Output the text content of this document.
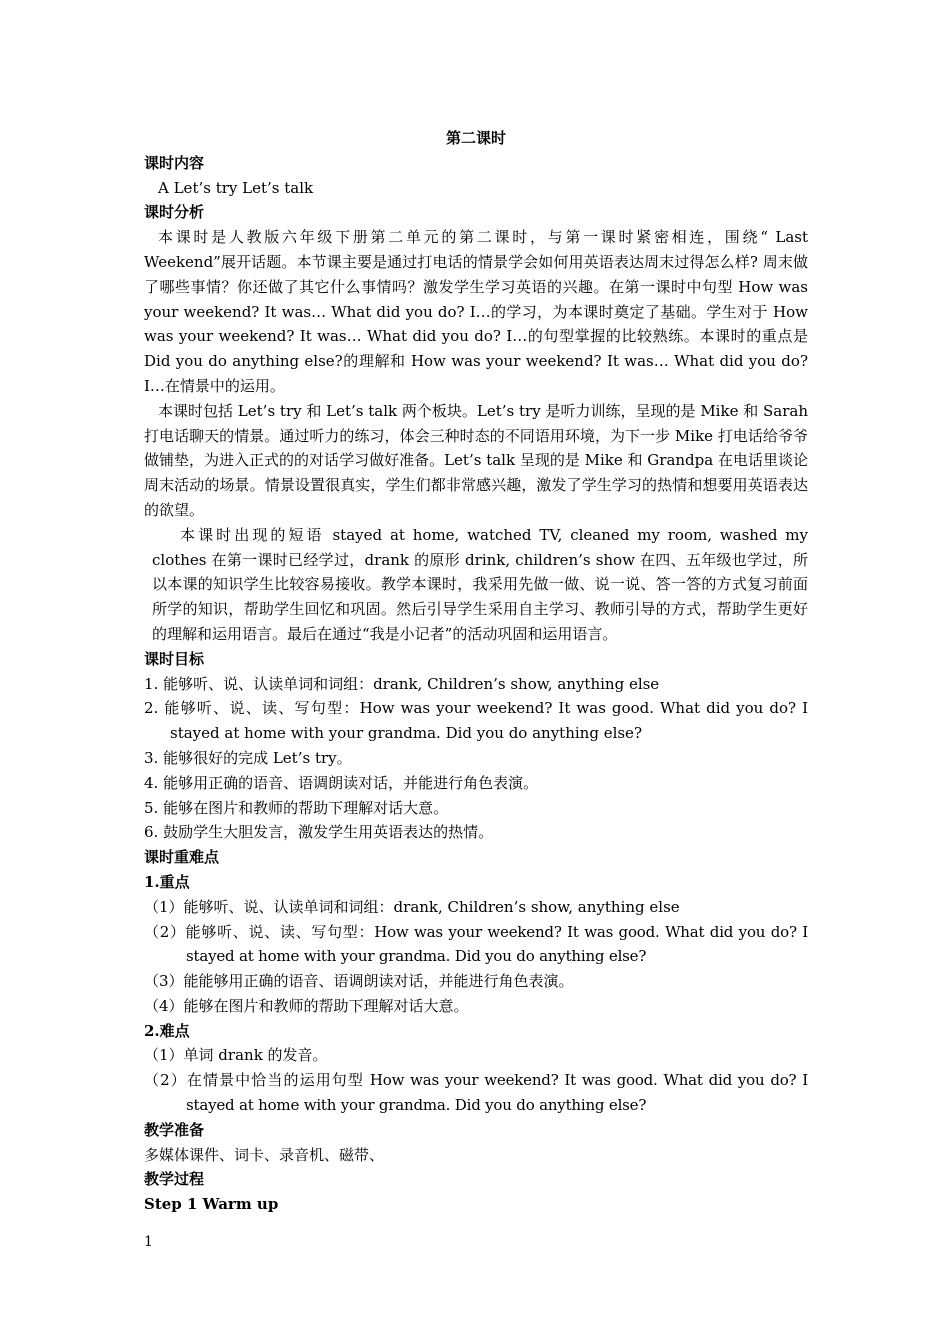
第二课时
课时内容
A Let’s try Let’s talk
课时分析

本课时是人教版六年级下册第二单元的第二课时，与第一课时紧密相连，围绕“ Last Weekend”展开话题。本节课主要是通过打电话的情景学会如何用英语表达周末过得怎么样? 周末做了哪些事情？你还做了其它什么事情吗？激发学生学习英语的兴趣。在第一课时中句型 How was your weekend? It was… What did you do? I…的学习，为本课时奠定了基础。学生对于 How was your weekend? It was… What did you do? I…的句型掌握的比较熟练。本课时的重点是 Did you do anything else?的理解和 How was your weekend? It was… What did you do? I…在情景中的运用。

本课时包括 Let’s try 和 Let’s talk 两个板块。Let’s try 是听力训练，呈现的是 Mike 和 Sarah 打电话聊天的情景。通过听力的练习，体会三种时态的不同语用环境，为下一步 Mike 打电话给爷爷做铺垫，为进入正式的的对话学习做好准备。Let’s talk 呈现的是 Mike 和 Grandpa 在电话里谈论周末活动的场景。情景设置很真实，学生们都非常感兴趣，激发了学生学习的热情和想要用英语表达的欲望。

本课时出现的短语 stayed at home, watched TV, cleaned my room, washed my clothes 在第一课时已经学过，drank 的原形 drink, children’s show 在四、五年级也学过，所以本课的知识学生比较容易接收。教学本课时，我采用先做一做、说一说、答一答的方式复习前面所学的知识，帮助学生回忆和巩固。然后引导学生采用自主学习、教师引导的方式，帮助学生更好的理解和运用语言。最后在通过“我是小记者”的活动巩固和运用语言。

课时目标
1. 能够听、说、认读单词和词组：drank, Children’s show, anything else
2. 能够听、说、读、写句型：How was your weekend? It was good. What did you do? I stayed at home with your grandma. Did you do anything else?
3. 能够很好的完成 Let’s try。
4. 能够用正确的语音、语调朗读对话，并能进行角色表演。
5. 能够在图片和教师的帮助下理解对话大意。
6. 鼓励学生大胆发言，激发学生用英语表达的热情。
课时重难点
1.重点
（1）能够听、说、认读单词和词组：drank, Children’s show, anything else
（2）能够听、说、读、写句型：How was your weekend? It was good. What did you do? I stayed at home with your grandma. Did you do anything else?
（3）能能够用正确的语音、语调朗读对话，并能进行角色表演。
（4）能够在图片和教师的帮助下理解对话大意。
2.难点
（1）单词 drank 的发音。
（2）在情景中恰当的运用句型 How was your weekend? It was good. What did you do? I stayed at home with your grandma. Did you do anything else?
教学准备
多媒体课件、词卡、录音机、磁带、
教学过程
Step 1 Warm up
1
